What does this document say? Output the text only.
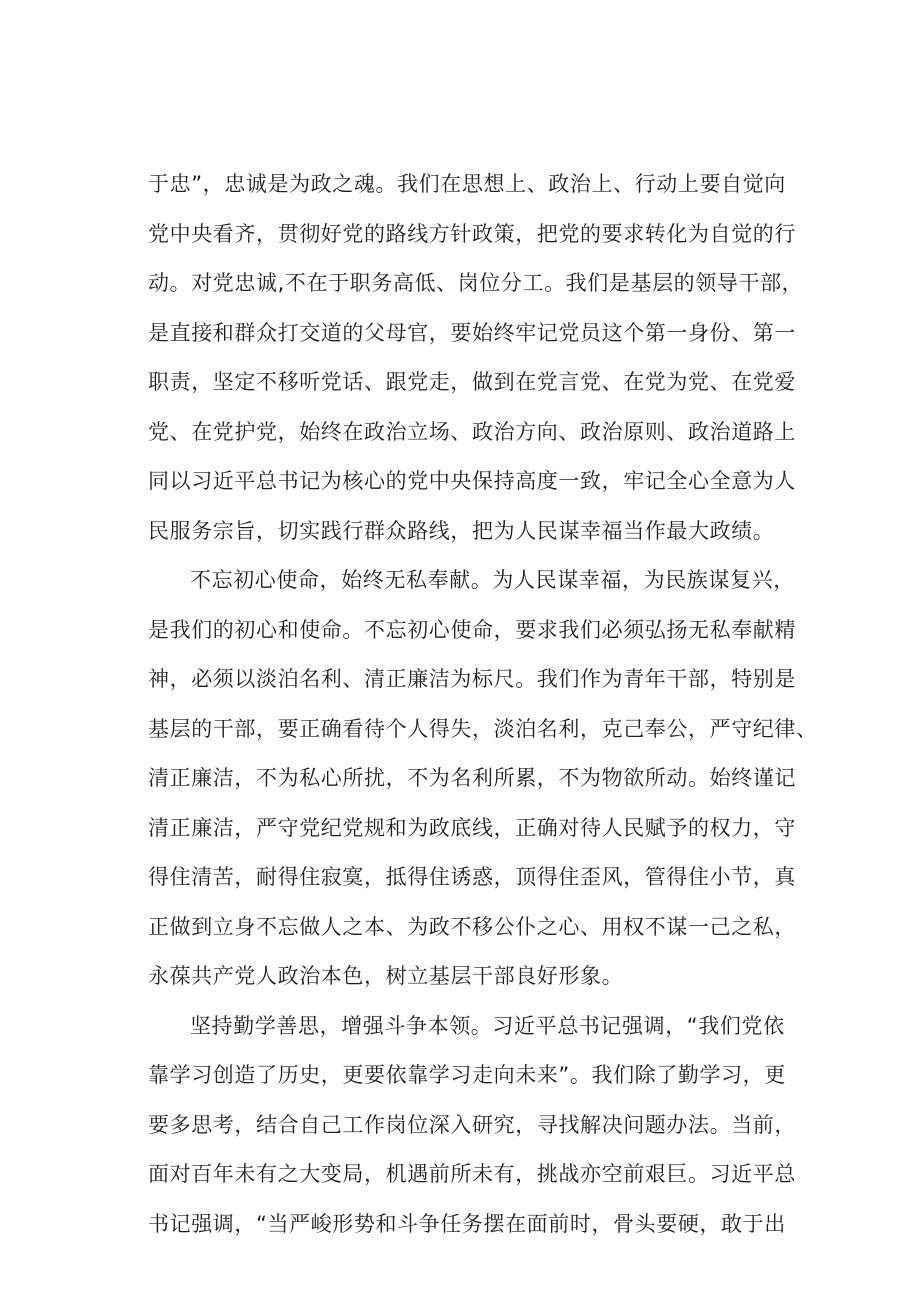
于忠”，忠诚是为政之魂。我们在思想上、政治上、行动上要自觉向
党中央看齐，贯彻好党的路线方针政策，把党的要求转化为自觉的行
动。对党忠诚,不在于职务高低、岗位分工。我们是基层的领导干部，
是直接和群众打交道的父母官，要始终牢记党员这个第一身份、第一
职责，坚定不移听党话、跟党走，做到在党言党、在党为党、在党爱
党、在党护党，始终在政治立场、政治方向、政治原则、政治道路上
同以习近平总书记为核心的党中央保持高度一致，牢记全心全意为人
民服务宗旨，切实践行群众路线，把为人民谋幸福当作最大政绩。
不忘初心使命，始终无私奉献。为人民谋幸福，为民族谋复兴，
是我们的初心和使命。不忘初心使命，要求我们必须弘扬无私奉献精
神，必须以淡泊名利、清正廉洁为标尺。我们作为青年干部，特别是
基层的干部，要正确看待个人得失，淡泊名利，克己奉公，严守纪律、
清正廉洁，不为私心所扰，不为名利所累，不为物欲所动。始终谨记
清正廉洁，严守党纪党规和为政底线，正确对待人民赋予的权力，守
得住清苦，耐得住寂寞，抵得住诱惑，顶得住歪风，管得住小节，真
正做到立身不忘做人之本、为政不移公仆之心、用权不谋一己之私，
永葆共产党人政治本色，树立基层干部良好形象。
坚持勤学善思，增强斗争本领。习近平总书记强调，“我们党依
靠学习创造了历史，更要依靠学习走向未来”。我们除了勤学习，更
要多思考，结合自己工作岗位深入研究，寻找解决问题办法。当前，
面对百年未有之大变局，机遇前所未有，挑战亦空前艰巨。习近平总
书记强调，“当严峻形势和斗争任务摆在面前时，骨头要硬，敢于出
